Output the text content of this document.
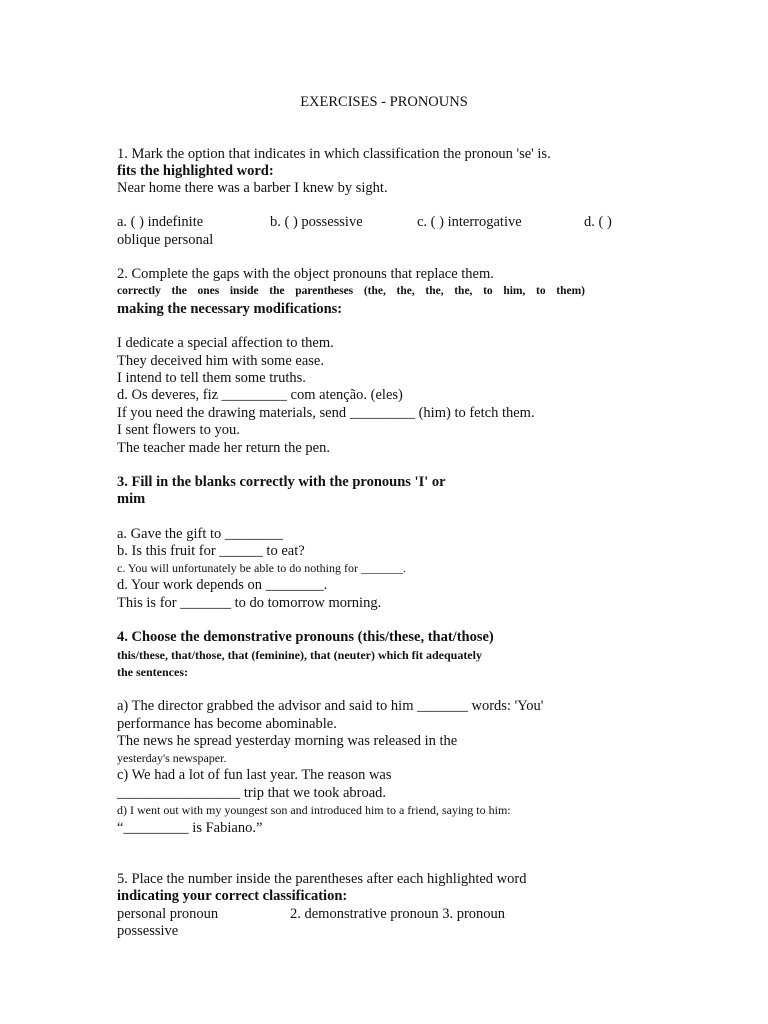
EXERCISES - PRONOUNS
1. Mark the option that indicates in which classification the pronoun 'se' is.
fits the highlighted word:
Near home there was a barber I knew by sight.
a. ( ) indefinite	b. ( ) possessive	c. ( ) interrogative	d. ( )
oblique personal
2. Complete the gaps with the object pronouns that replace them.
correctly the ones inside the parentheses (the, the, the, the, to him, to them)
making the necessary modifications:
I dedicate a special affection to them.
They deceived him with some ease.
I intend to tell them some truths.
d. Os deveres, fiz _________ com atenção. (eles)
If you need the drawing materials, send _________ (him) to fetch them.
I sent flowers to you.
The teacher made her return the pen.
3. Fill in the blanks correctly with the pronouns 'I' or
mim
a. Gave the gift to ________
b. Is this fruit for ______ to eat?
c. You will unfortunately be able to do nothing for _______.
d. Your work depends on ________.
This is for _______ to do tomorrow morning.
4. Choose the demonstrative pronouns (this/these, that/those)
this/these, that/those, that (feminine), that (neuter) which fit adequately
the sentences:
a) The director grabbed the advisor and said to him _______ words: 'You'
performance has become abominable.
The news he spread yesterday morning was released in the
yesterday's newspaper.
c) We had a lot of fun last year. The reason was
_________________ trip that we took abroad.
d) I went out with my youngest son and introduced him to a friend, saying to him:
“_________ is Fabiano.”
5. Place the number inside the parentheses after each highlighted word
indicating your correct classification:
personal pronoun	2. demonstrative pronoun 3. pronoun
possessive
